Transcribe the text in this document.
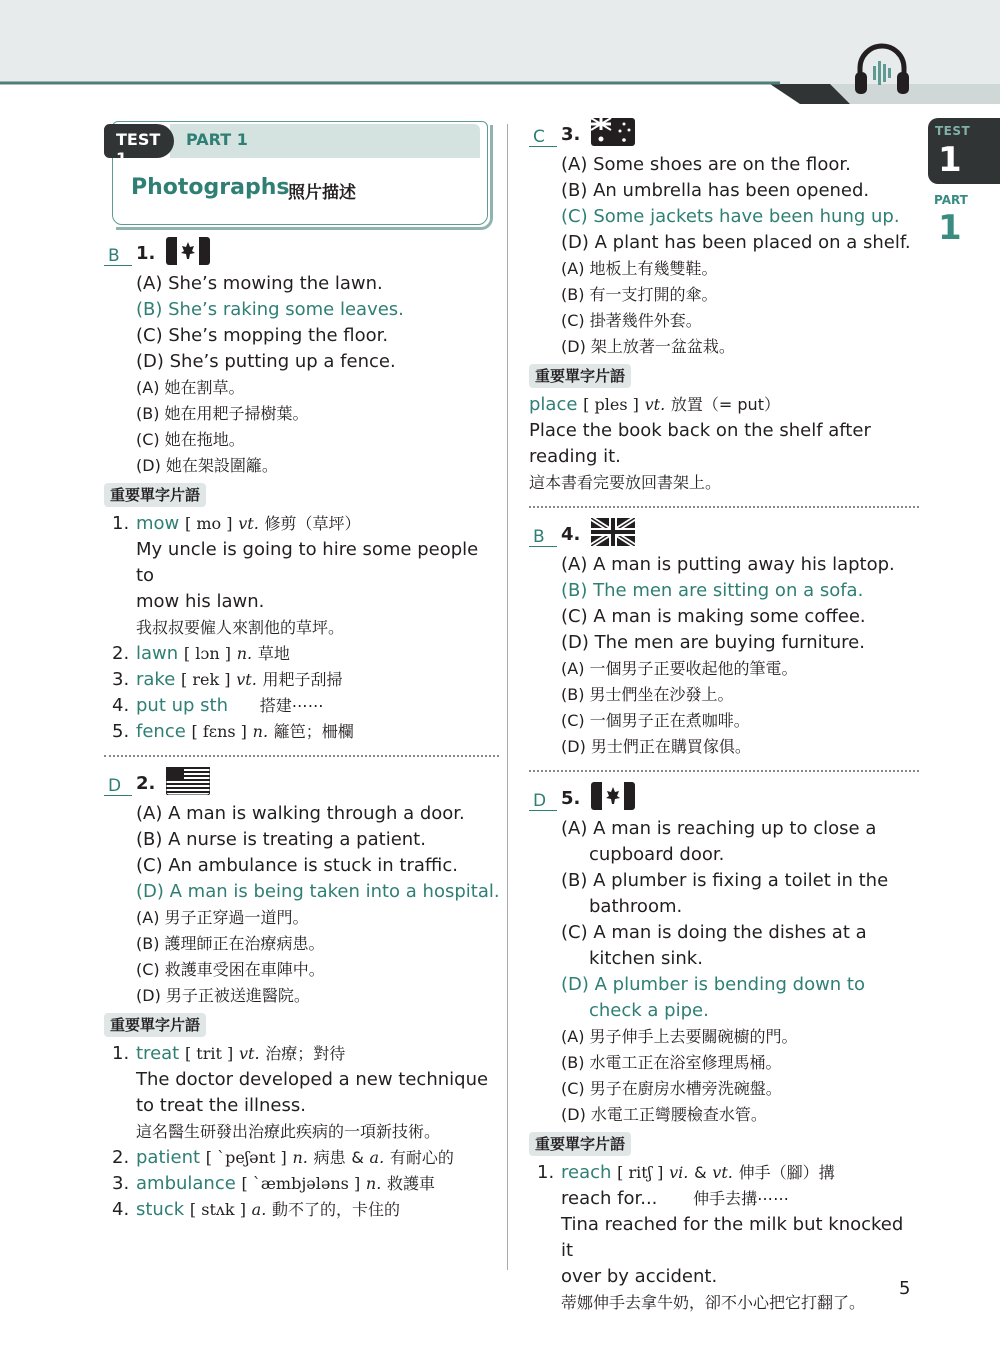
TEST
1
PART
1
PART 1
TEST 1
Photographs
照片描述
B 1.
(A) She’s mowing the lawn.
(B) She’s raking some leaves.
(C) She’s mopping the floor.
(D) She’s putting up a fence.
(A) 她在割草。
(B) 她在用耙子掃樹葉。
(C) 她在拖地。
(D) 她在架設圍籬。
重要單字片語
1. mow [ mo ] vt. 修剪（草坪）
My uncle is going to hire some people to
mow his lawn.
我叔叔要僱人來割他的草坪。
2. lawn [ lɔn ] n. 草地
3. rake [ rek ] vt. 用耙子刮掃
4. put up sth 搭建⋯⋯
5. fence [ fɛns ] n. 籬笆；柵欄
D 2.
(A) A man is walking through a door.
(B) A nurse is treating a patient.
(C) An ambulance is stuck in traffic.
(D) A man is being taken into a hospital.
(A) 男子正穿過一道門。
(B) 護理師正在治療病患。
(C) 救護車受困在車陣中。
(D) 男子正被送進醫院。
重要單字片語
1. treat [ trit ] vt. 治療；對待
The doctor developed a new technique
to treat the illness.
這名醫生研發出治療此疾病的一項新技術。
2. patient [ ˋpeʃənt ] n. 病患 & a. 有耐心的
3. ambulance [ ˋæmbjələns ] n. 救護車
4. stuck [ stʌk ] a. 動不了的，卡住的
C 3.
(A) Some shoes are on the floor.
(B) An umbrella has been opened.
(C) Some jackets have been hung up.
(D) A plant has been placed on a shelf.
(A) 地板上有幾雙鞋。
(B) 有一支打開的傘。
(C) 掛著幾件外套。
(D) 架上放著一盆盆栽。
重要單字片語
place [ ples ] vt. 放置（= put）
Place the book back on the shelf after
reading it.
這本書看完要放回書架上。
B 4.
(A) A man is putting away his laptop.
(B) The men are sitting on a sofa.
(C) A man is making some coffee.
(D) The men are buying furniture.
(A) 一個男子正要收起他的筆電。
(B) 男士們坐在沙發上。
(C) 一個男子正在煮咖啡。
(D) 男士們正在購買傢俱。
D 5.
(A) A man is reaching up to close a cupboard door.
(B) A plumber is fixing a toilet in the bathroom.
(C) A man is doing the dishes at a kitchen sink.
(D) A plumber is bending down to check a pipe.
(A) 男子伸手上去要關碗櫥的門。
(B) 水電工正在浴室修理馬桶。
(C) 男子在廚房水槽旁洗碗盤。
(D) 水電工正彎腰檢查水管。
重要單字片語
1. reach [ ritʃ ] vi. & vt. 伸手（腳）搆
reach for... 伸手去搆⋯⋯
Tina reached for the milk but knocked it
over by accident.
蒂娜伸手去拿牛奶，卻不小心把它打翻了。
5
